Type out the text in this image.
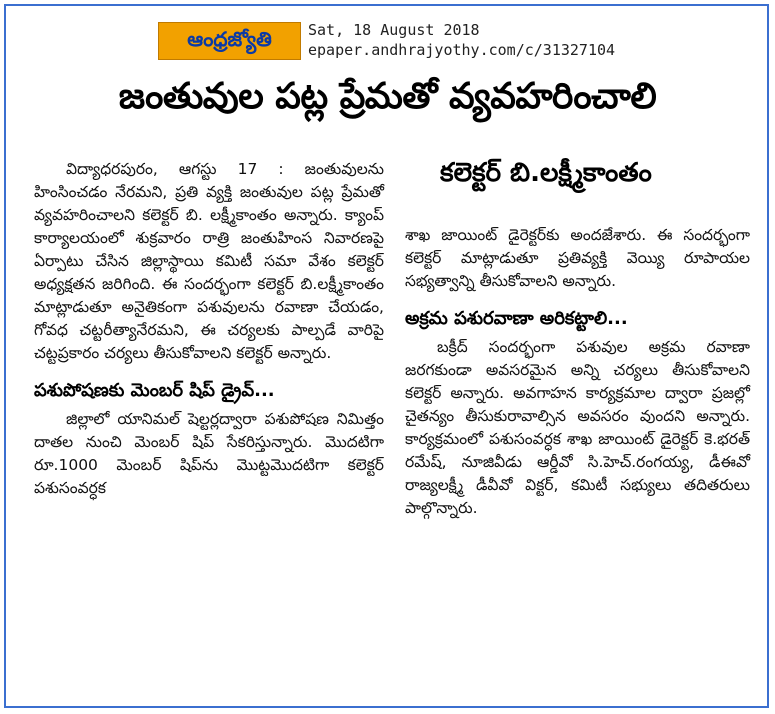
ఆంధ్రజ్యోతి Sat, 18 August 2018
epaper.andhrajyothy.com/c/31327104
జంతువుల పట్ల ప్రేమతో వ్యవహరించాలి
కలెక్టర్ బి.లక్ష్మీకాంతం

విద్యాధరపురం, ఆగస్టు 17 : జంతువులను హింసించడం నేరమని, ప్రతి వ్యక్తి జంతువుల పట్ల ప్రేమతో వ్యవహరించాలని కలెక్టర్ బి. లక్ష్మీకాంతం అన్నారు. క్యాంప్ కార్యాలయంలో శుక్రవారం రాత్రి జంతుహింస నివారణపై ఏర్పాటు చేసిన జిల్లాస్థాయి కమిటీ సమా వేశం కలెక్టర్ అధ్యక్షతన జరిగింది. ఈ సందర్భంగా కలెక్టర్ బి.లక్ష్మీకాంతం మాట్లాడుతూ అనైతికంగా పశువులను రవాణా చేయడం, గోవధ చట్టరీత్యానేరమని, ఈ చర్యలకు పాల్పడే వారిపై చట్టప్రకారం చర్యలు తీసుకోవాలని కలెక్టర్ అన్నారు.

పశుపోషణకు మెంబర్ షిప్ డ్రైవ్...

జిల్లాలో యానిమల్ షెల్టర్లద్వారా పశుపోషణ నిమిత్తం దాతల నుంచి మెంబర్ షిప్ సేకరిస్తున్నారు. మొదటిగా రూ.1000 మెంబర్ షిప్‌ను మొట్టమొదటిగా కలెక్టర్ పశుసంవర్ధక

శాఖ జాయింట్ డైరెక్టర్‌కు అందజేశారు. ఈ సందర్భంగా కలెక్టర్ మాట్లాడుతూ ప్రతివ్యక్తి వెయ్యి రూపాయల సభ్యత్వాన్ని తీసుకోవాలని అన్నారు.

అక్రమ పశురవాణా అరికట్టాలి...

బక్రీద్ సందర్భంగా పశువుల అక్రమ రవాణా జరగకుండా అవసరమైన అన్ని చర్యలు తీసుకోవాలని కలెక్టర్ అన్నారు. అవగాహన కార్యక్రమాల ద్వారా ప్రజల్లో చైతన్యం తీసుకురావాల్సిన అవసరం వుందని అన్నారు. కార్యక్రమంలో పశుసంవర్ధక శాఖ జాయింట్ డైరెక్టర్ కె.భరత్ రమేష్, నూజివీడు ఆర్డీవో సి.హెచ్.రంగయ్య, డీఈవో రాజ్యలక్ష్మీ డీవీవో విక్టర్, కమిటీ సభ్యులు తదితరులు పాల్గొన్నారు.
